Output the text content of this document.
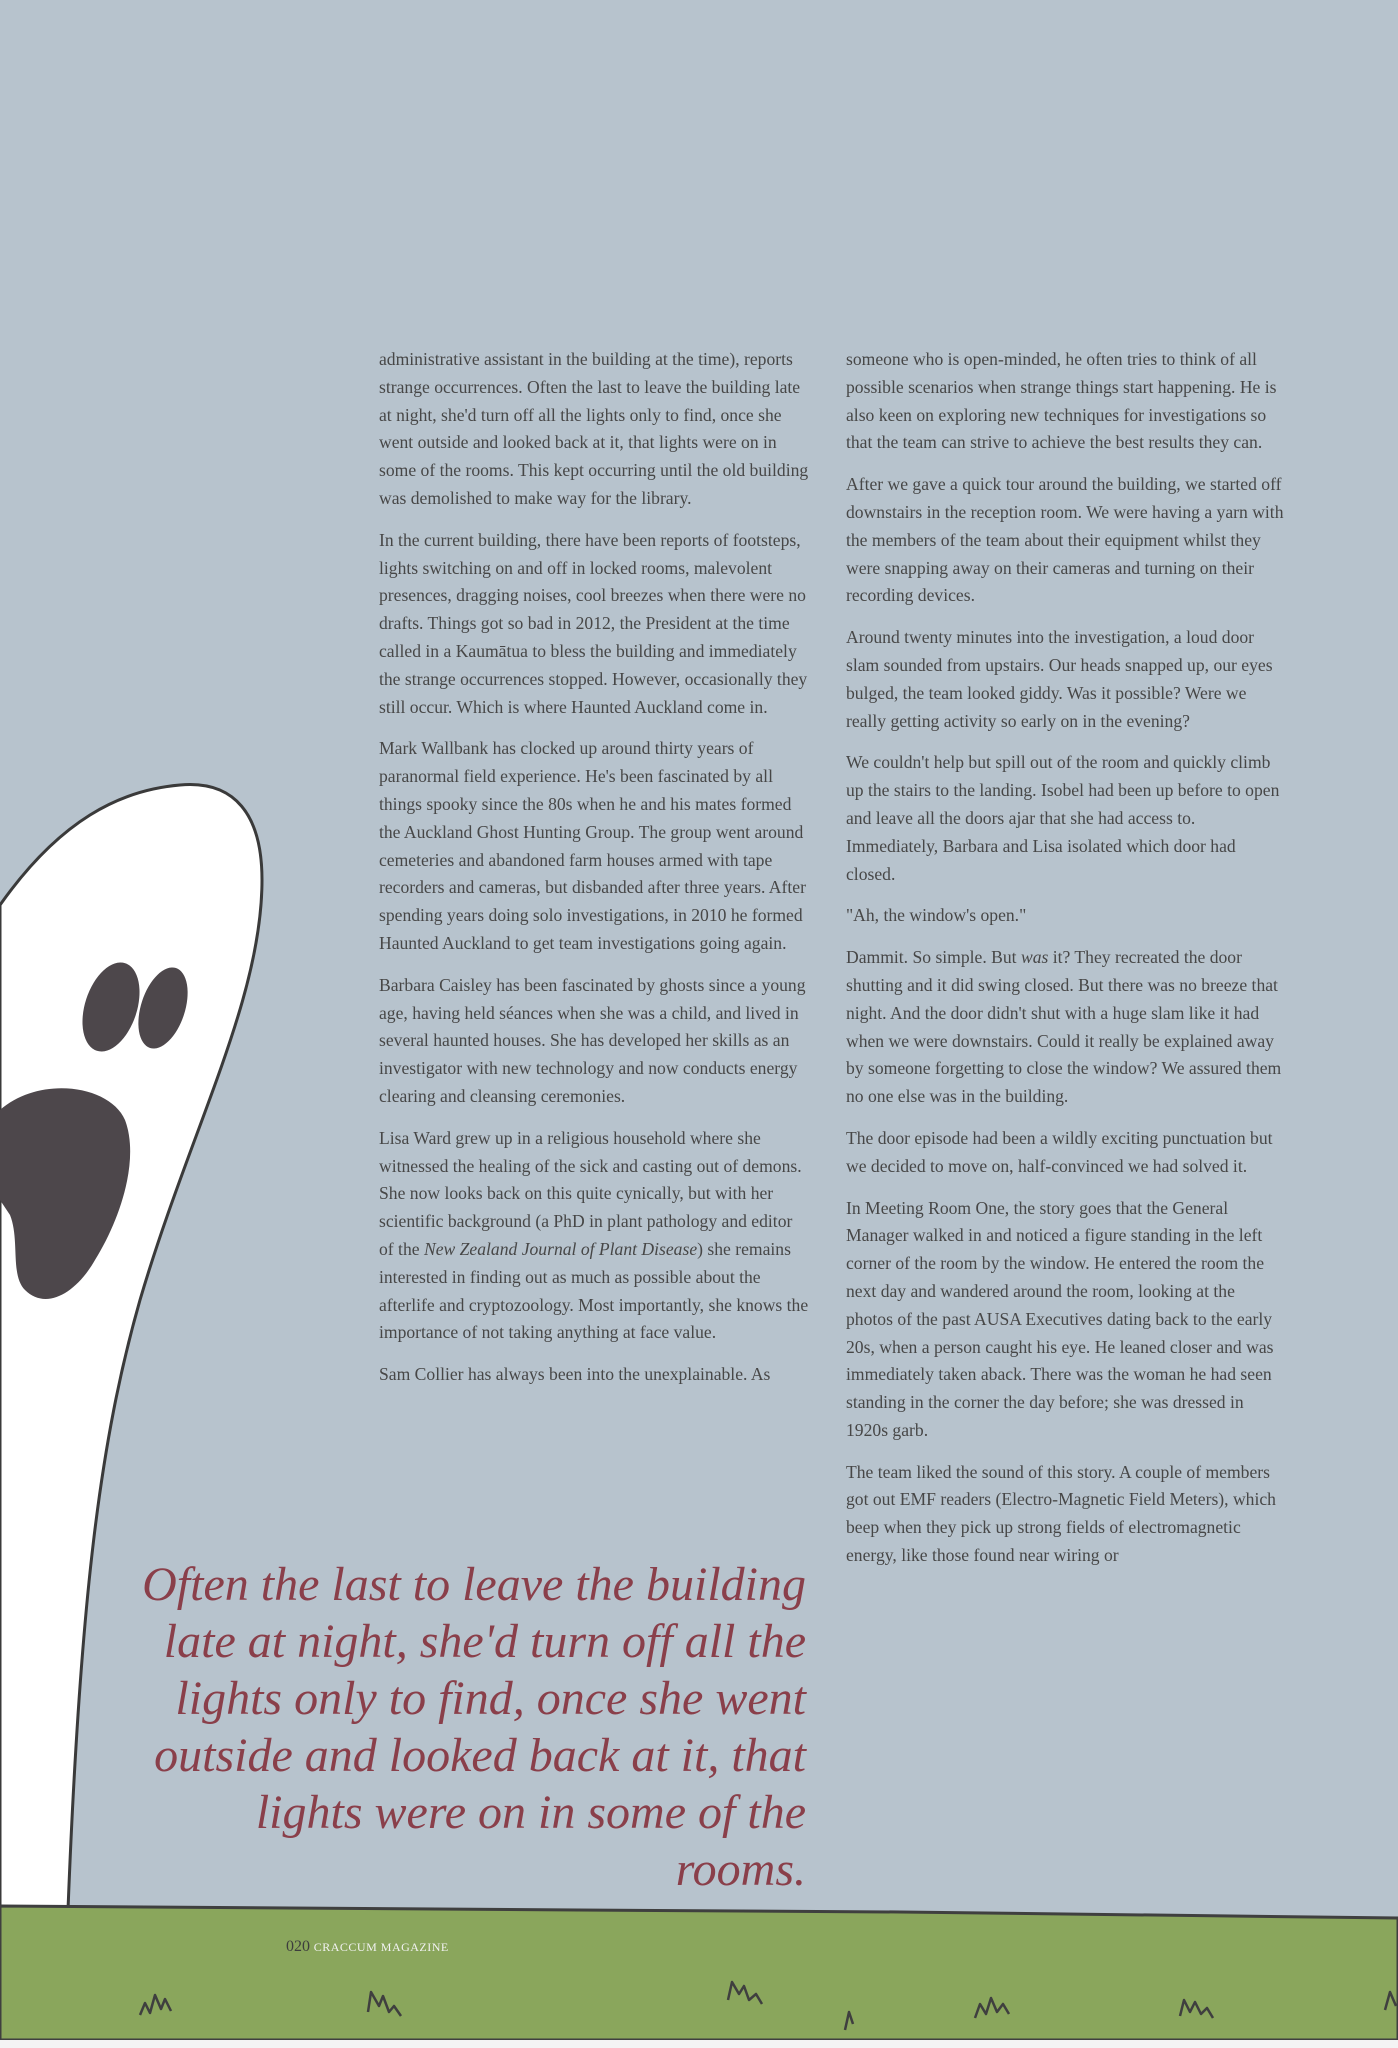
administrative assistant in the building at the time), reports strange occurrences. Often the last to leave the building late at night, she'd turn off all the lights only to find, once she went outside and looked back at it, that lights were on in some of the rooms. This kept occurring until the old building was demolished to make way for the library.

In the current building, there have been reports of footsteps, lights switching on and off in locked rooms, malevolent presences, dragging noises, cool breezes when there were no drafts. Things got so bad in 2012, the President at the time called in a Kaumātua to bless the building and immediately the strange occurrences stopped. However, occasionally they still occur. Which is where Haunted Auckland come in.

Mark Wallbank has clocked up around thirty years of paranormal field experience. He's been fascinated by all things spooky since the 80s when he and his mates formed the Auckland Ghost Hunting Group. The group went around cemeteries and abandoned farm houses armed with tape recorders and cameras, but disbanded after three years. After spending years doing solo investigations, in 2010 he formed Haunted Auckland to get team investigations going again.

Barbara Caisley has been fascinated by ghosts since a young age, having held séances when she was a child, and lived in several haunted houses. She has developed her skills as an investigator with new technology and now conducts energy clearing and cleansing ceremonies.

Lisa Ward grew up in a religious household where she witnessed the healing of the sick and casting out of demons. She now looks back on this quite cynically, but with her scientific background (a PhD in plant pathology and editor of the New Zealand Journal of Plant Disease) she remains interested in finding out as much as possible about the afterlife and cryptozoology. Most importantly, she knows the importance of not taking anything at face value.

Sam Collier has always been into the unexplainable. As

someone who is open-minded, he often tries to think of all possible scenarios when strange things start happening. He is also keen on exploring new techniques for investigations so that the team can strive to achieve the best results they can.

After we gave a quick tour around the building, we started off downstairs in the reception room. We were having a yarn with the members of the team about their equipment whilst they were snapping away on their cameras and turning on their recording devices.

Around twenty minutes into the investigation, a loud door slam sounded from upstairs. Our heads snapped up, our eyes bulged, the team looked giddy. Was it possible? Were we really getting activity so early on in the evening?

We couldn't help but spill out of the room and quickly climb up the stairs to the landing. Isobel had been up before to open and leave all the doors ajar that she had access to. Immediately, Barbara and Lisa isolated which door had closed.

"Ah, the window's open."

Dammit. So simple. But was it? They recreated the door shutting and it did swing closed. But there was no breeze that night. And the door didn't shut with a huge slam like it had when we were downstairs. Could it really be explained away by someone forgetting to close the window? We assured them no one else was in the building.

The door episode had been a wildly exciting punctuation but we decided to move on, half-convinced we had solved it.

In Meeting Room One, the story goes that the General Manager walked in and noticed a figure standing in the left corner of the room by the window. He entered the room the next day and wandered around the room, looking at the photos of the past AUSA Executives dating back to the early 20s, when a person caught his eye. He leaned closer and was immediately taken aback. There was the woman he had seen standing in the corner the day before; she was dressed in 1920s garb.

The team liked the sound of this story. A couple of members got out EMF readers (Electro-Magnetic Field Meters), which beep when they pick up strong fields of electromagnetic energy, like those found near wiring or

Often the last to leave the building late at night, she'd turn off all the lights only to find, once she went outside and looked back at it, that lights were on in some of the rooms.

020 CRACCUM MAGAZINE
